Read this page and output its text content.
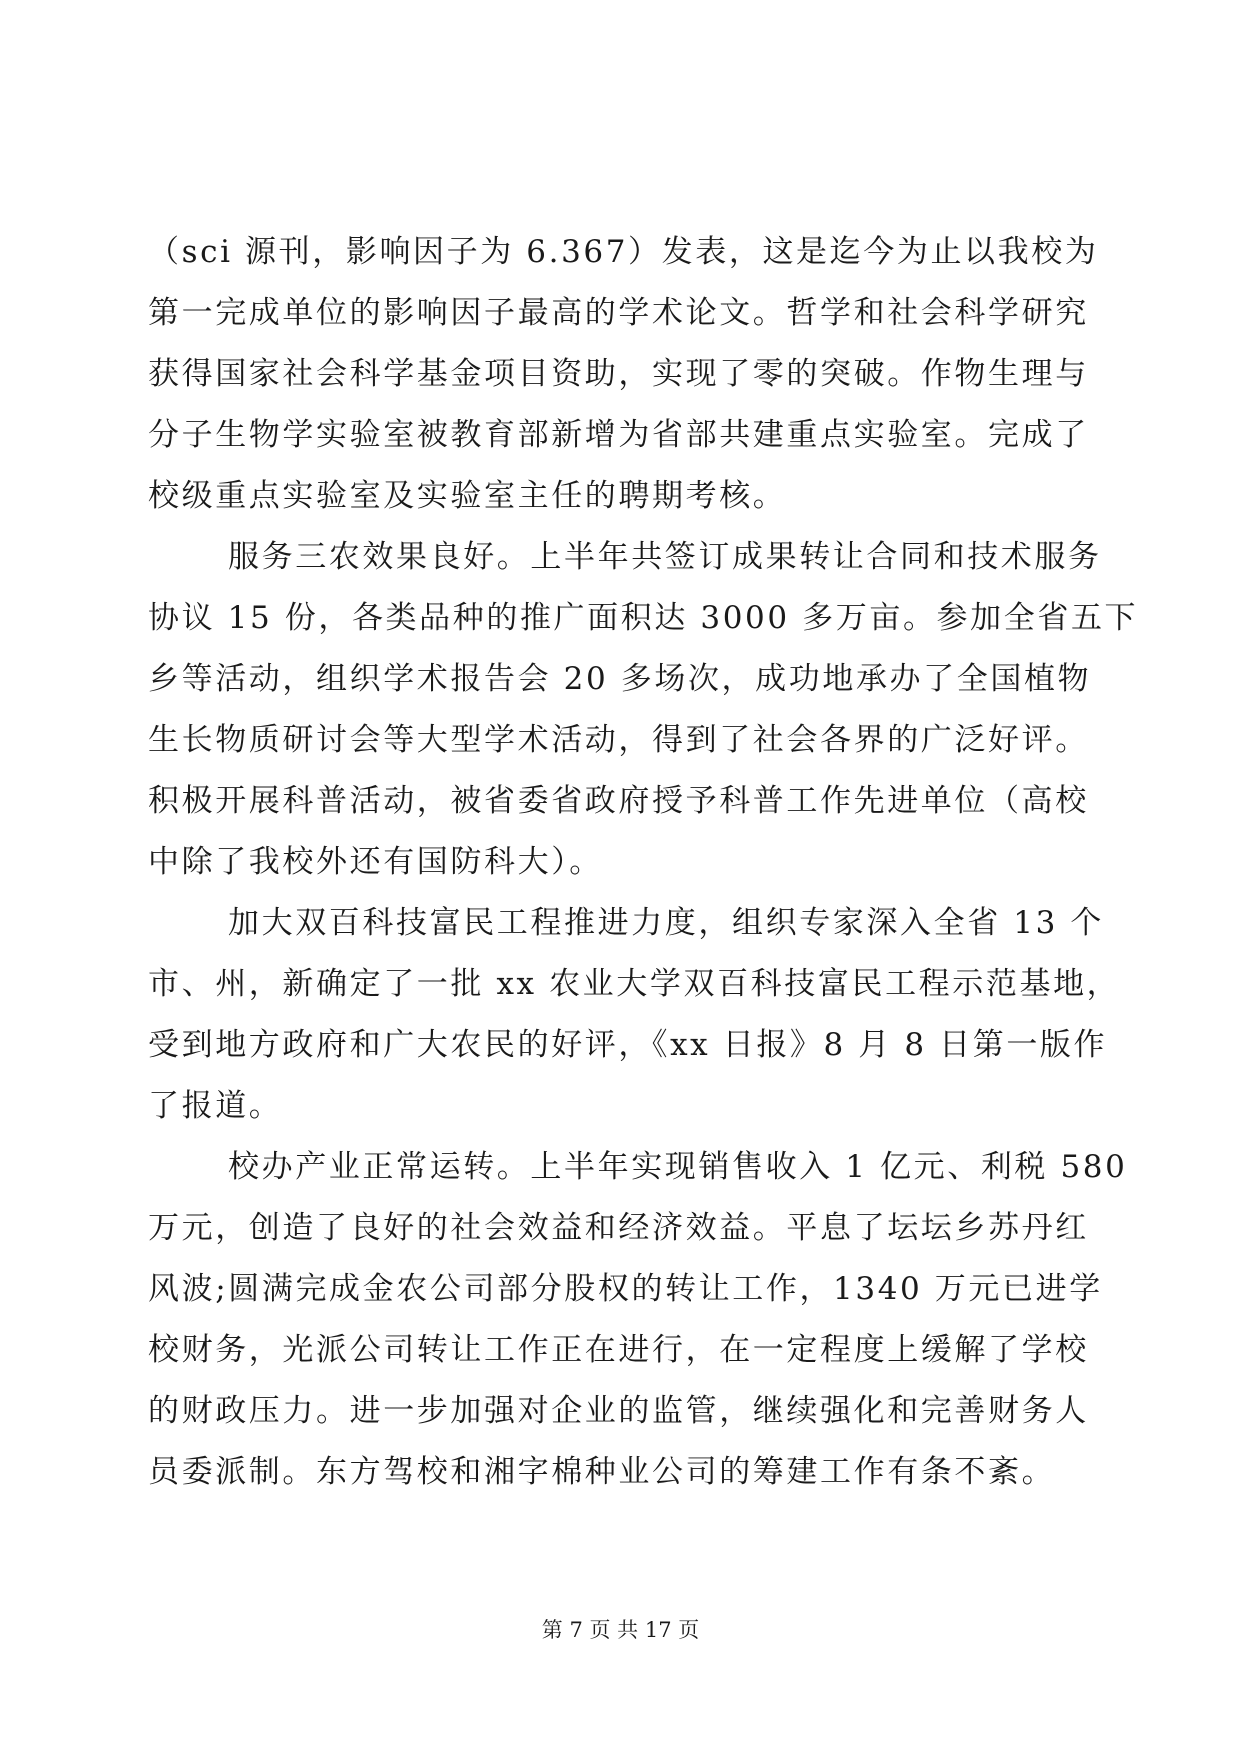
（sci 源刊，影响因子为 6.367）发表，这是迄今为止以我校为
第一完成单位的影响因子最高的学术论文。哲学和社会科学研究
获得国家社会科学基金项目资助，实现了零的突破。作物生理与
分子生物学实验室被教育部新增为省部共建重点实验室。完成了
校级重点实验室及实验室主任的聘期考核。
服务三农效果良好。上半年共签订成果转让合同和技术服务
协议 15 份，各类品种的推广面积达 3000 多万亩。参加全省五下
乡等活动，组织学术报告会 20 多场次，成功地承办了全国植物
生长物质研讨会等大型学术活动，得到了社会各界的广泛好评。
积极开展科普活动，被省委省政府授予科普工作先进单位（高校
中除了我校外还有国防科大）。
加大双百科技富民工程推进力度，组织专家深入全省 13 个
市、州，新确定了一批 xx 农业大学双百科技富民工程示范基地，
受到地方政府和广大农民的好评，《xx 日报》8 月 8 日第一版作
了报道。
校办产业正常运转。上半年实现销售收入 1 亿元、利税 580
万元，创造了良好的社会效益和经济效益。平息了坛坛乡苏丹红
风波;圆满完成金农公司部分股权的转让工作，1340 万元已进学
校财务，光派公司转让工作正在进行，在一定程度上缓解了学校
的财政压力。进一步加强对企业的监管，继续强化和完善财务人
员委派制。东方驾校和湘字棉种业公司的筹建工作有条不紊。
第 7 页 共 17 页
